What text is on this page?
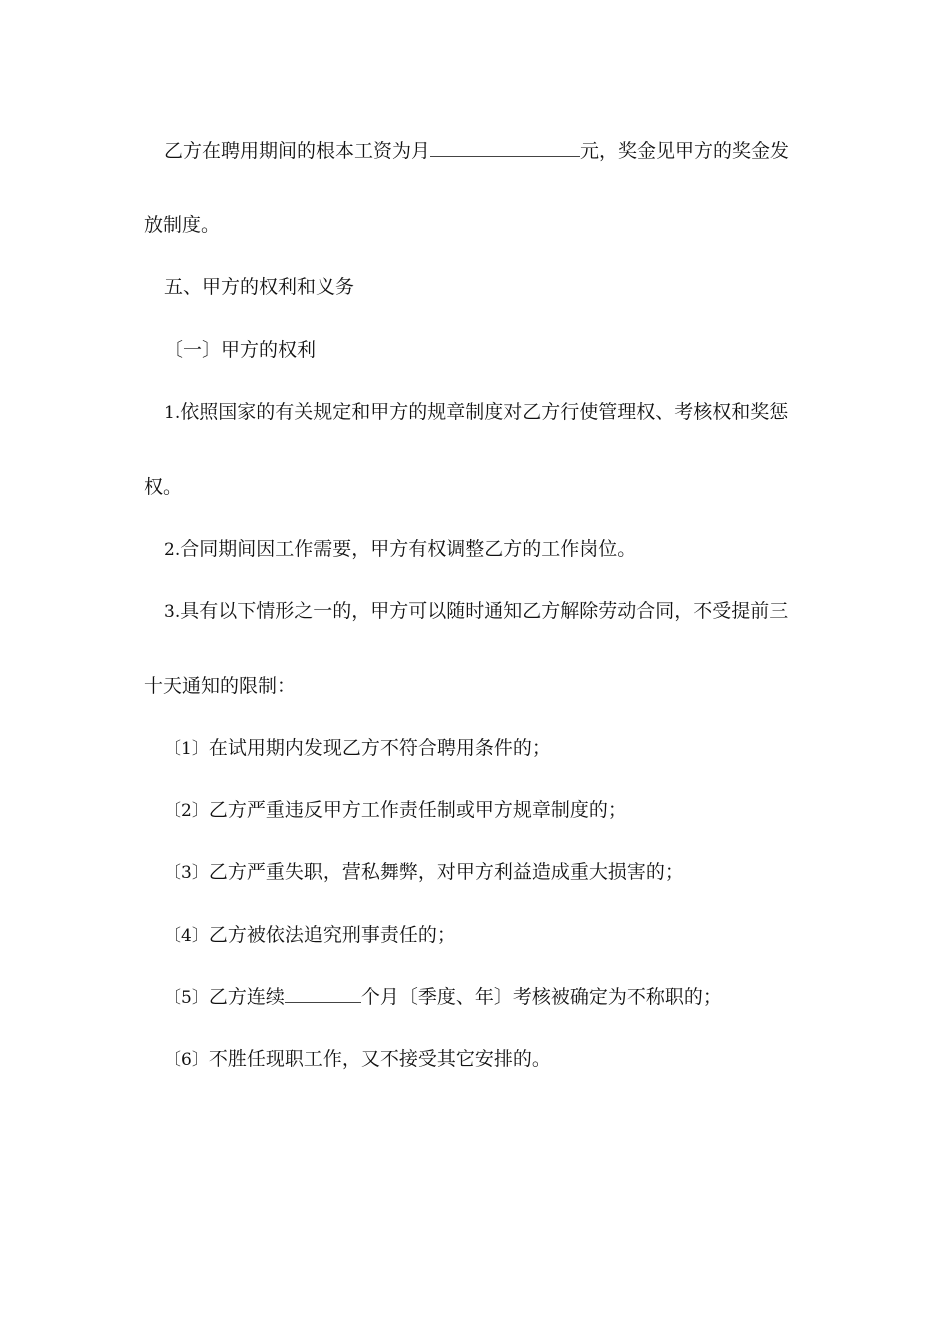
乙方在聘用期间的根本工资为月	元，奖金见甲方的奖金发
放制度。
五、甲方的权利和义务
〔一〕甲方的权利
1.依照国家的有关规定和甲方的规章制度对乙方行使管理权、考核权和奖惩
权。
2.合同期间因工作需要，甲方有权调整乙方的工作岗位。
3.具有以下情形之一的，甲方可以随时通知乙方解除劳动合同，不受提前三
十天通知的限制：
〔1〕在试用期内发现乙方不符合聘用条件的；
〔2〕乙方严重违反甲方工作责任制或甲方规章制度的；
〔3〕乙方严重失职，营私舞弊，对甲方利益造成重大损害的；
〔4〕乙方被依法追究刑事责任的；
〔5〕乙方连续	个月〔季度、年〕考核被确定为不称职的；
〔6〕不胜任现职工作，又不接受其它安排的。
